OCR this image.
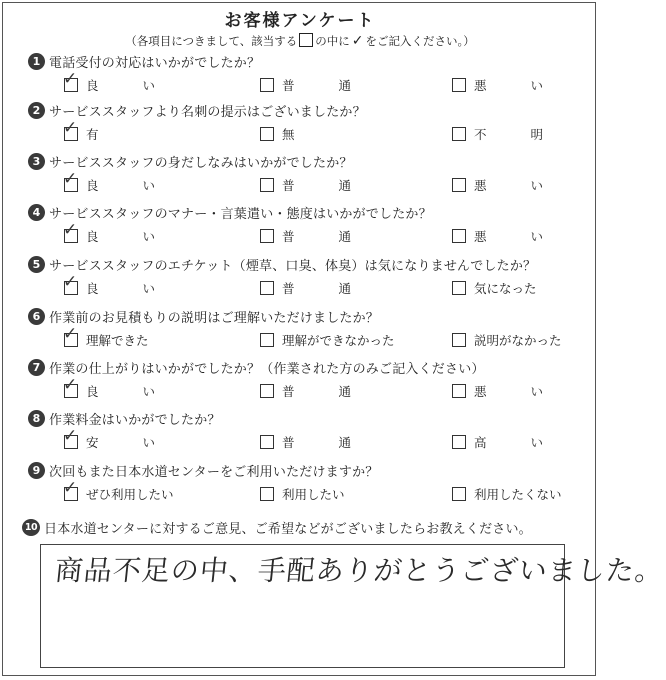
お客様アンケート
（各項目につきまして、該当する の中に ✓ をご記入ください。）
1 電話受付の対応はいかがでしたか？
✓ 良い	普通	悪い
2 サービススタッフより名刺の提示はございましたか？
✓ 有	無	不明
3 サービススタッフの身だしなみはいかがでしたか？
✓ 良い	普通	悪い
4 サービススタッフのマナー・言葉遣い・態度はいかがでしたか？
✓ 良い	普通	悪い
5 サービススタッフのエチケット（煙草、口臭、体臭）は気になりませんでしたか？
✓ 良い	普通	気になった
6 作業前のお見積もりの説明はご理解いただけましたか？
✓ 理解できた	理解ができなかった	説明がなかった
7 作業の仕上がりはいかがでしたか？（作業された方のみご記入ください）
✓ 良い	普通	悪い
8 作業料金はいかがでしたか？
✓ 安い	普通	高い
9 次回もまた日本水道センターをご利用いただけますか？
✓ ぜひ利用したい	利用したい	利用したくない
10 日本水道センターに対するご意見、ご希望などがございましたらお教えください。
商品不足の中、手配ありがとうございました。
